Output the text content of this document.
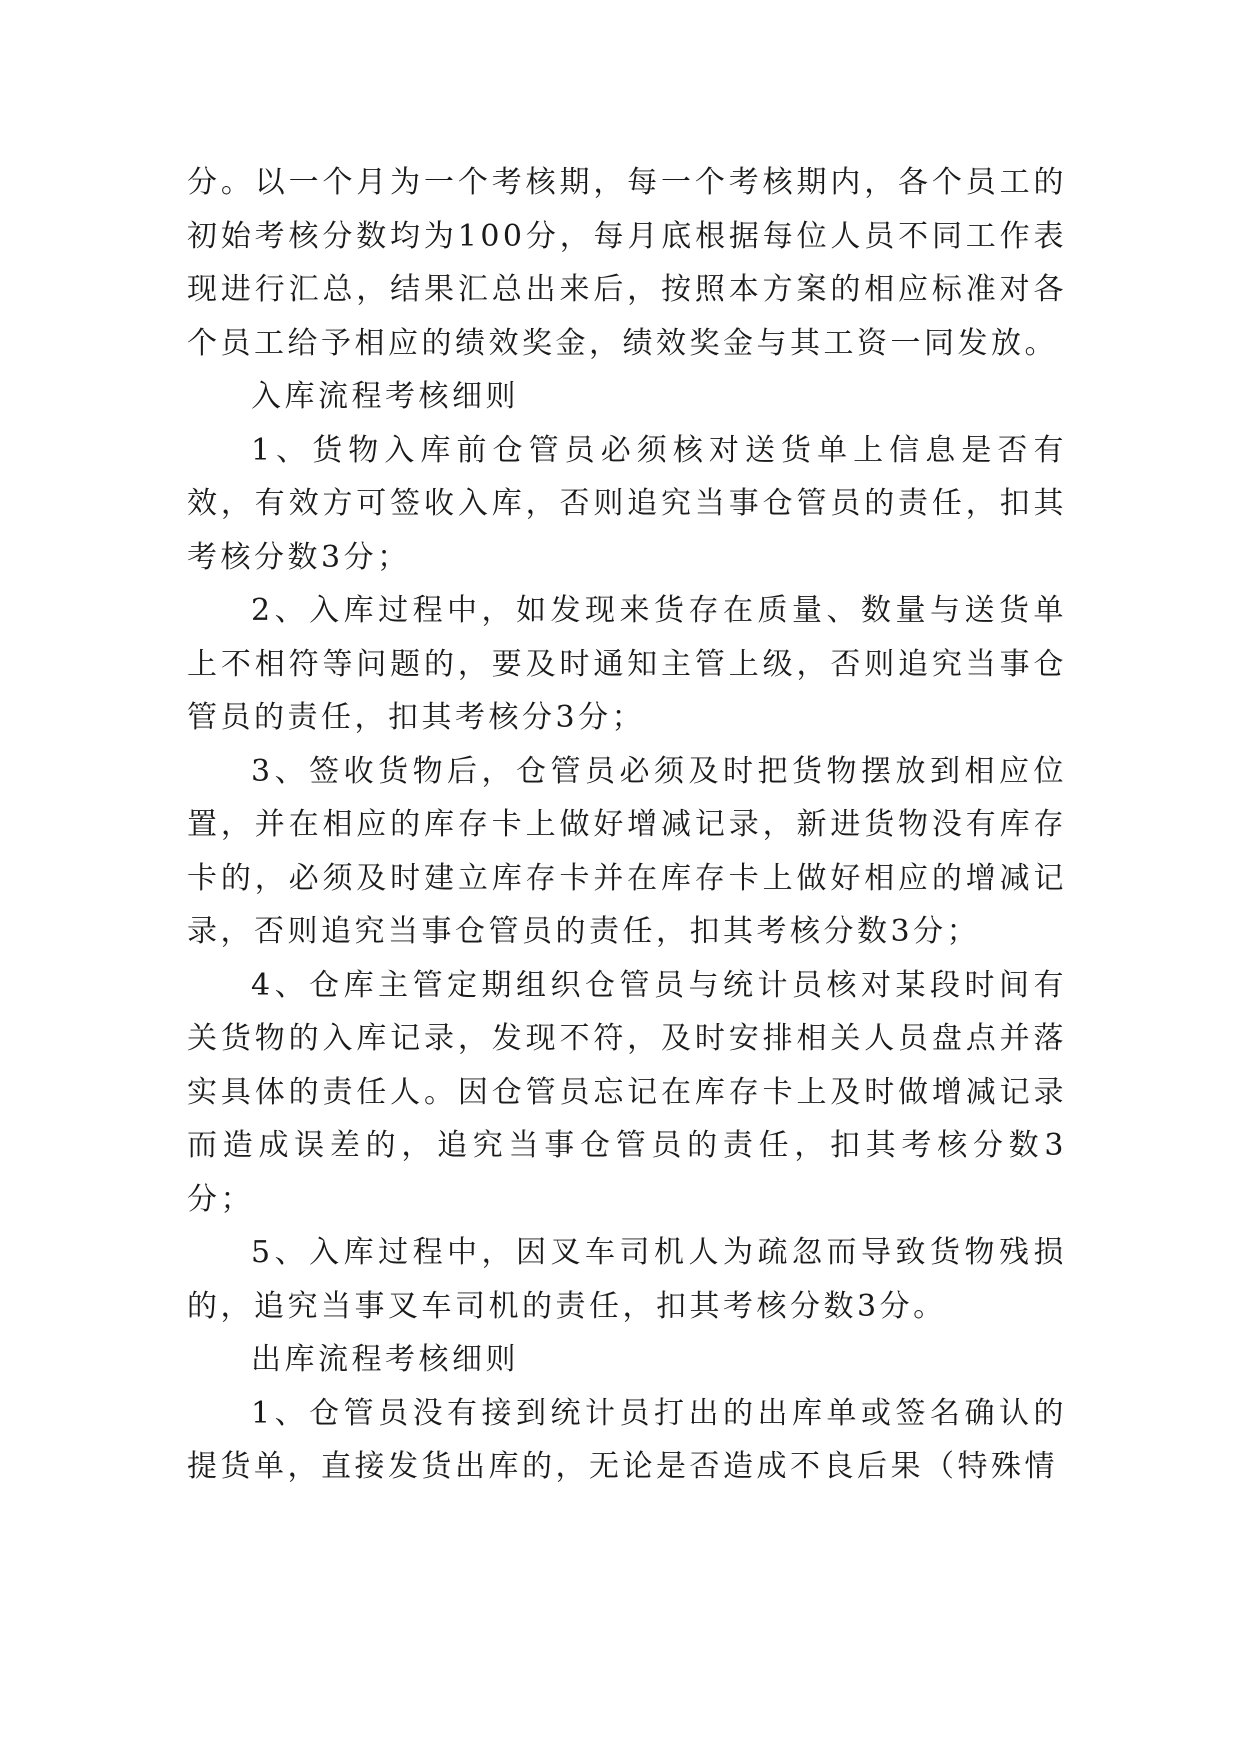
分。以一个月为一个考核期，每一个考核期内，各个员工的初始考核分数均为100分，每月底根据每位人员不同工作表现进行汇总，结果汇总出来后，按照本方案的相应标准对各个员工给予相应的绩效奖金，绩效奖金与其工资一同发放。

入库流程考核细则

1、货物入库前仓管员必须核对送货单上信息是否有效，有效方可签收入库，否则追究当事仓管员的责任，扣其考核分数3分；

2、入库过程中，如发现来货存在质量、数量与送货单上不相符等问题的，要及时通知主管上级，否则追究当事仓管员的责任，扣其考核分3分；

3、签收货物后，仓管员必须及时把货物摆放到相应位置，并在相应的库存卡上做好增减记录，新进货物没有库存卡的，必须及时建立库存卡并在库存卡上做好相应的增减记录，否则追究当事仓管员的责任，扣其考核分数3分；

4、仓库主管定期组织仓管员与统计员核对某段时间有关货物的入库记录，发现不符，及时安排相关人员盘点并落实具体的责任人。因仓管员忘记在库存卡上及时做增减记录而造成误差的，追究当事仓管员的责任，扣其考核分数3分；

5、入库过程中，因叉车司机人为疏忽而导致货物残损的，追究当事叉车司机的责任，扣其考核分数3分。

出库流程考核细则

1、仓管员没有接到统计员打出的出库单或签名确认的提货单，直接发货出库的，无论是否造成不良后果（特殊情
